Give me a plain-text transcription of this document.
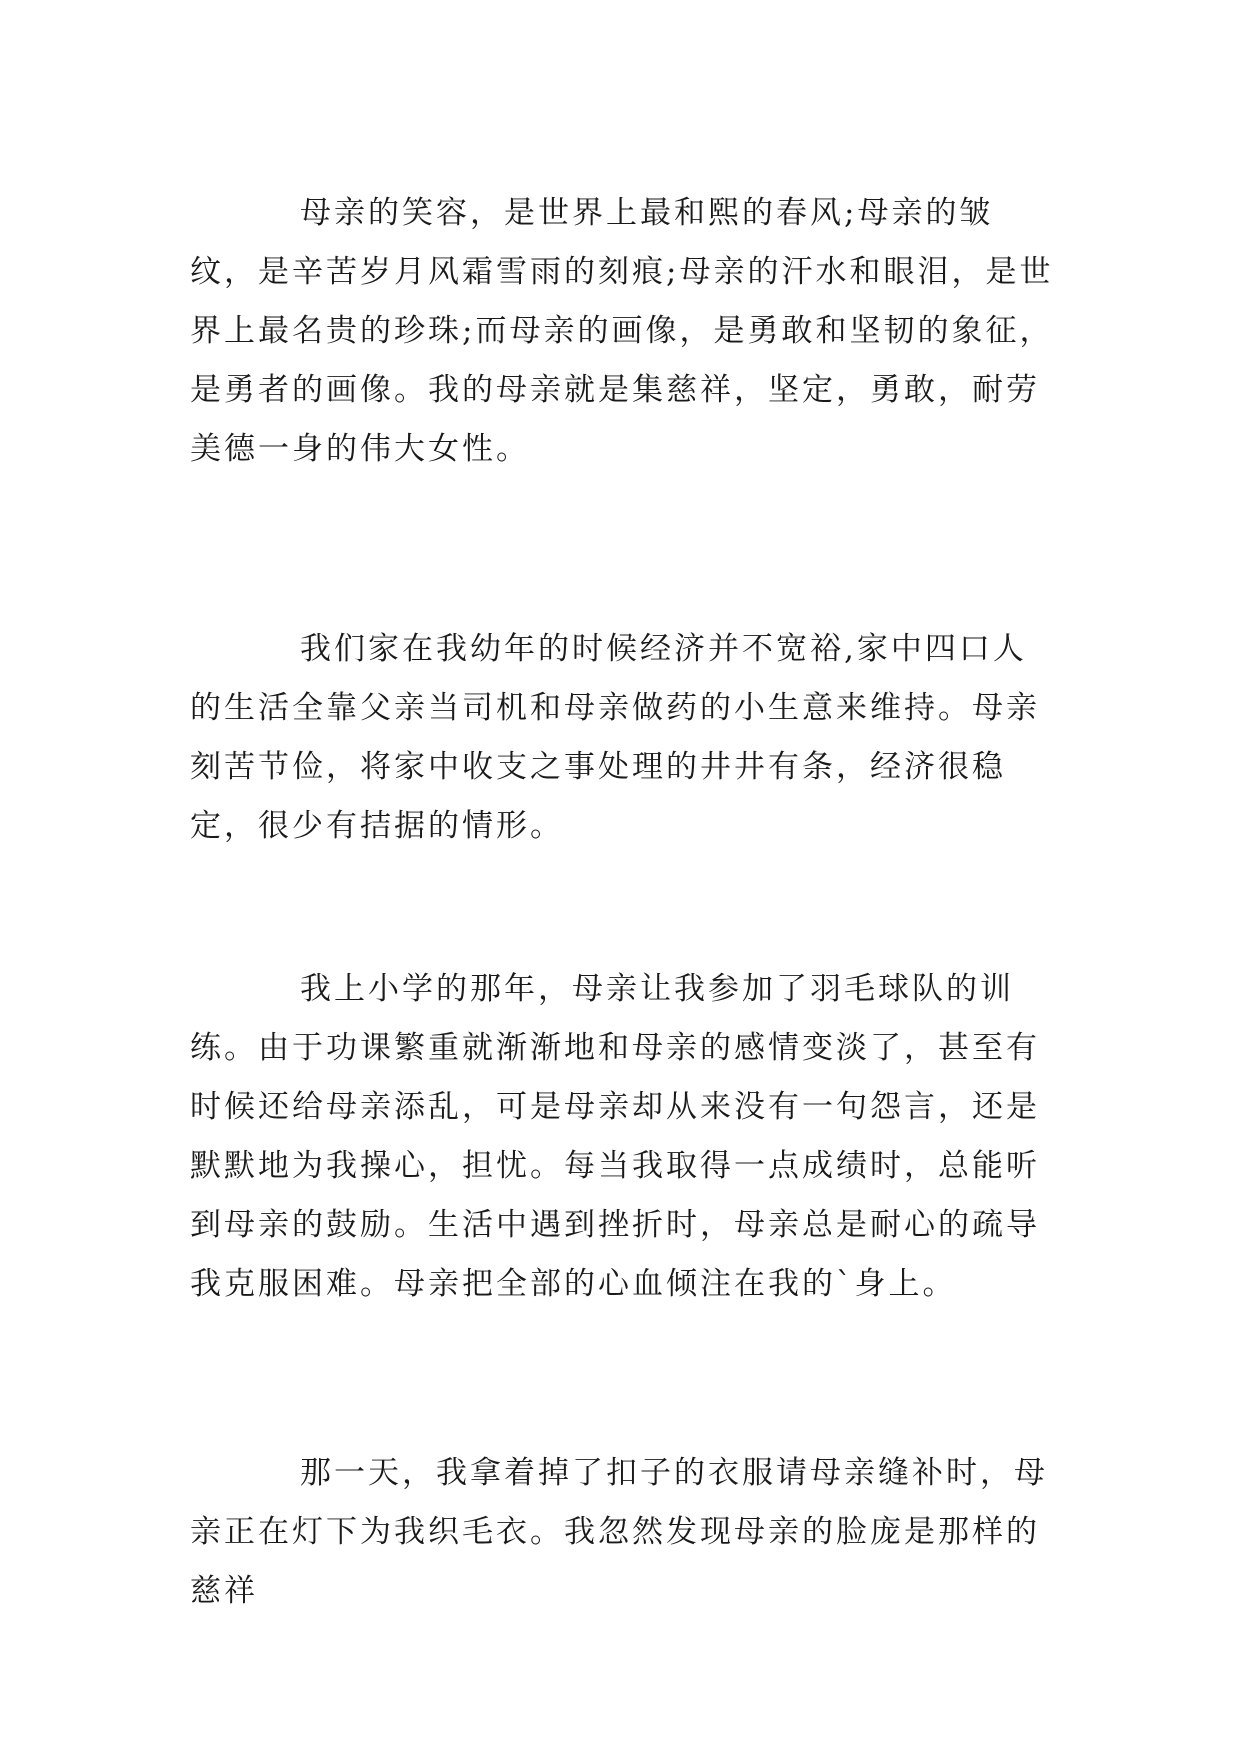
母亲的笑容，是世界上最和熙的春风;母亲的皱纹，是辛苦岁月风霜雪雨的刻痕;母亲的汗水和眼泪，是世界上最名贵的珍珠;而母亲的画像，是勇敢和坚韧的象征，是勇者的画像。我的母亲就是集慈祥，坚定，勇敢，耐劳美德一身的伟大女性。

我们家在我幼年的时候经济并不宽裕,家中四口人的生活全靠父亲当司机和母亲做药的小生意来维持。母亲刻苦节俭，将家中收支之事处理的井井有条，经济很稳定，很少有拮据的情形。

我上小学的那年，母亲让我参加了羽毛球队的训练。由于功课繁重就渐渐地和母亲的感情变淡了，甚至有时候还给母亲添乱，可是母亲却从来没有一句怨言，还是默默地为我操心，担忧。每当我取得一点成绩时，总能听到母亲的鼓励。生活中遇到挫折时，母亲总是耐心的疏导我克服困难。母亲把全部的心血倾注在我的`身上。

那一天，我拿着掉了扣子的衣服请母亲缝补时，母亲正在灯下为我织毛衣。我忽然发现母亲的脸庞是那样的慈祥
